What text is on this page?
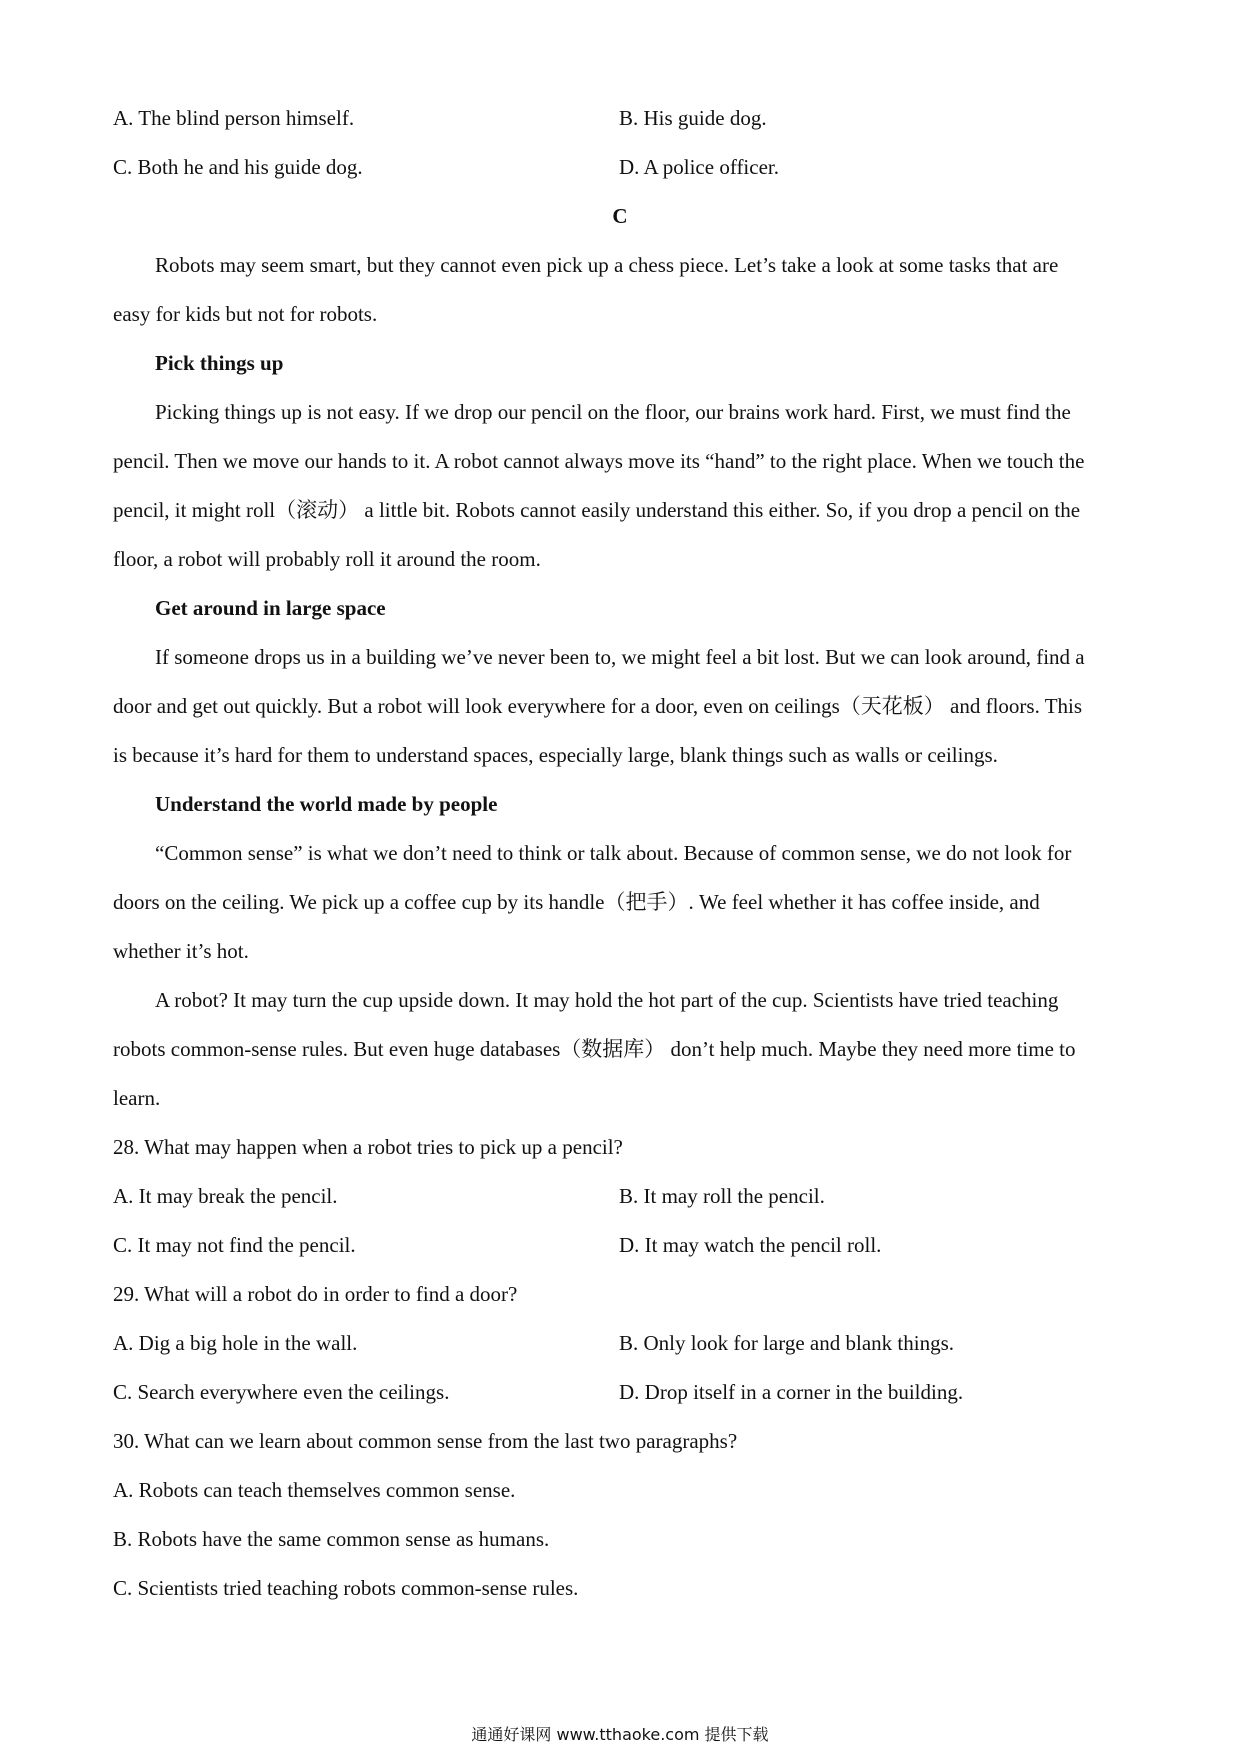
A. The blind person himself.	B. His guide dog.
C. Both he and his guide dog.	D. A police officer.
C
Robots may seem smart, but they cannot even pick up a chess piece. Let’s take a look at some tasks that are
easy for kids but not for robots.
Pick things up
Picking things up is not easy. If we drop our pencil on the floor, our brains work hard. First, we must find the
pencil. Then we move our hands to it. A robot cannot always move its “hand” to the right place. When we touch the
pencil, it might roll（滚动） a little bit. Robots cannot easily understand this either. So, if you drop a pencil on the
floor, a robot will probably roll it around the room.
Get around in large space
If someone drops us in a building we’ve never been to, we might feel a bit lost. But we can look around, find a
door and get out quickly. But a robot will look everywhere for a door, even on ceilings（天花板） and floors. This
is because it’s hard for them to understand spaces, especially large, blank things such as walls or ceilings.
Understand the world made by people
“Common sense” is what we don’t need to think or talk about. Because of common sense, we do not look for
doors on the ceiling. We pick up a coffee cup by its handle（把手）. We feel whether it has coffee inside, and
whether it’s hot.
A robot? It may turn the cup upside down. It may hold the hot part of the cup. Scientists have tried teaching
robots common-sense rules. But even huge databases（数据库） don’t help much. Maybe they need more time to
learn.
28. What may happen when a robot tries to pick up a pencil?
A. It may break the pencil.	B. It may roll the pencil.
C. It may not find the pencil.	D. It may watch the pencil roll.
29. What will a robot do in order to find a door?
A. Dig a big hole in the wall.	B. Only look for large and blank things.
C. Search everywhere even the ceilings.	D. Drop itself in a corner in the building.
30. What can we learn about common sense from the last two paragraphs?
A. Robots can teach themselves common sense.
B. Robots have the same common sense as humans.
C. Scientists tried teaching robots common-sense rules.
通通好课网 www.tthaoke.com 提供下载
